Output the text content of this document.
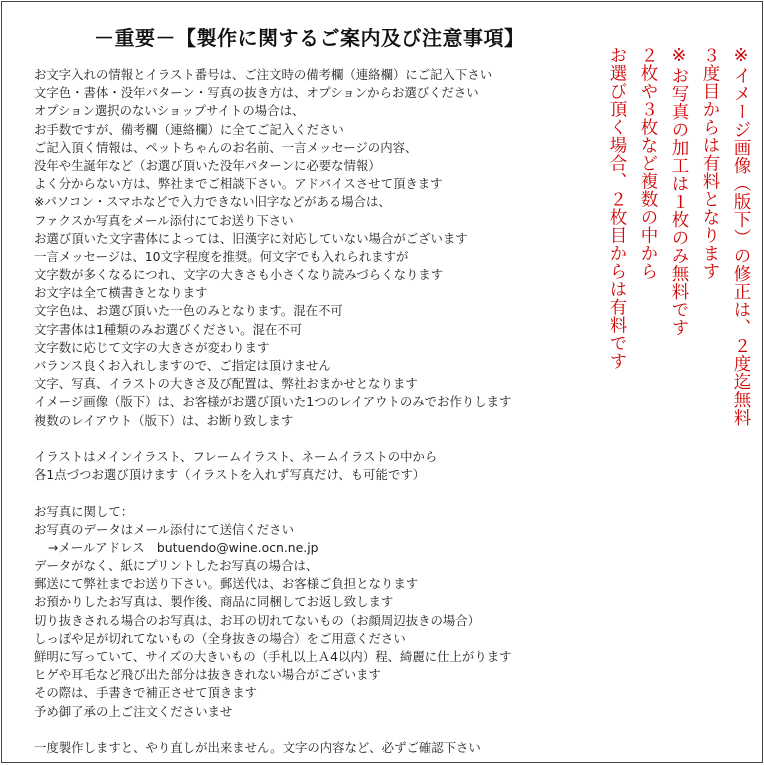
－重要－【製作に関するご案内及び注意事項】
お文字入れの情報とイラスト番号は、ご注文時の備考欄（連絡欄）にご記入下さい
文字色・書体・没年パターン・写真の抜き方は、オプションからお選びください
オプション選択のないショップサイトの場合は、
お手数ですが、備考欄（連絡欄）に全てご記入ください
ご記入頂く情報は、ペットちゃんのお名前、一言メッセージの内容、
没年や生誕年など（お選び頂いた没年パターンに必要な情報）
よく分からない方は、弊社までご相談下さい。アドバイスさせて頂きます
※パソコン・スマホなどで入力できない旧字などがある場合は、
ファクスか写真をメール添付にてお送り下さい
お選び頂いた文字書体によっては、旧漢字に対応していない場合がございます
一言メッセージは、10文字程度を推奨。何文字でも入れられますが
文字数が多くなるにつれ、文字の大きさも小さくなり読みづらくなります
お文字は全て横書きとなります
文字色は、お選び頂いた一色のみとなります。混在不可
文字書体は1種類のみお選びください。混在不可
文字数に応じて文字の大きさが変わります
バランス良くお入れしますので、ご指定は頂けません
文字、写真、イラストの大きさ及び配置は、弊社おまかせとなります
イメージ画像（版下）は、お客様がお選び頂いた1つのレイアウトのみでお作りします
複数のレイアウト（版下）は、お断り致します
イラストはメインイラスト、フレームイラスト、ネームイラストの中から
各1点づつお選び頂けます（イラストを入れず写真だけ、も可能です）
お写真に関して：
お写真のデータはメール添付にて送信ください
→メールアドレス　butuendo@wine.ocn.ne.jp
データがなく、紙にプリントしたお写真の場合は、
郵送にて弊社までお送り下さい。郵送代は、お客様ご負担となります
お預かりしたお写真は、製作後、商品に同梱してお返し致します
切り抜きされる場合のお写真は、お耳の切れてないもの（お顔周辺抜きの場合）
しっぽや足が切れてないもの（全身抜きの場合）をご用意ください
鮮明に写っていて、サイズの大きいもの（手札以上Ａ4以内）程、綺麗に仕上がります
ヒゲや耳毛など飛び出た部分は抜ききれない場合がございます
その際は、手書きで補正させて頂きます
予め御了承の上ご注文くださいませ
一度製作しますと、やり直しが出来ません。文字の内容など、必ずご確認下さい
※イメージ画像（版下）の修正は、２度迄無料
３度目からは有料となります
※お写真の加工は１枚のみ無料です
２枚や３枚など複数の中から
お選び頂く場合、２枚目からは有料です
